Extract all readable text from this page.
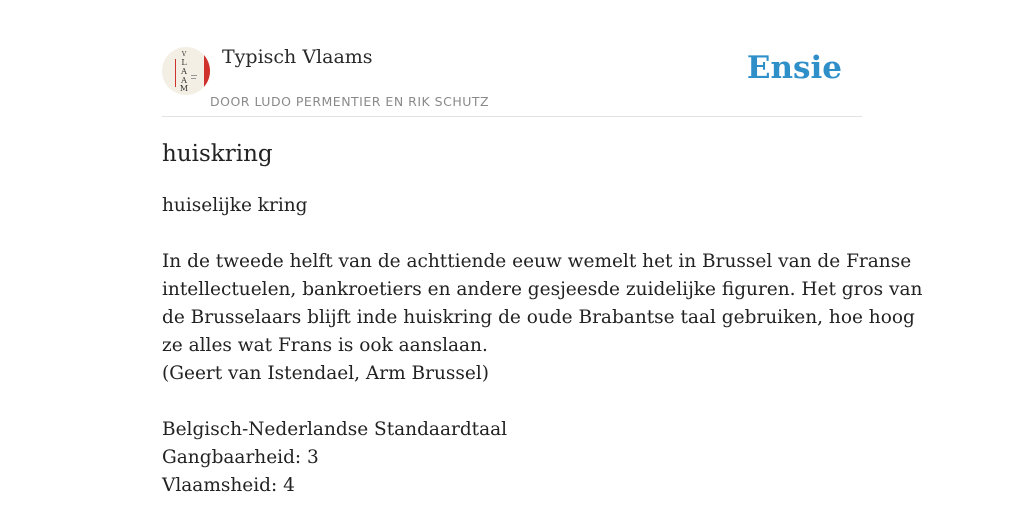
V
L
A
A
M
Typisch Vlaams
DOOR LUDO PERMENTIER EN RIK SCHUTZ
Ensie
huiskring

huiselijke kring

In de tweede helft van de achttiende eeuw wemelt het in Brussel van de Franse
intellectuelen, bankroetiers en andere gesjeesde zuidelijke figuren. Het gros van
de Brusselaars blijft inde huiskring de oude Brabantse taal gebruiken, hoe hoog
ze alles wat Frans is ook aanslaan.
(Geert van Istendael, Arm Brussel)

Belgisch-Nederlandse Standaardtaal
Gangbaarheid: 3
Vlaamsheid: 4
